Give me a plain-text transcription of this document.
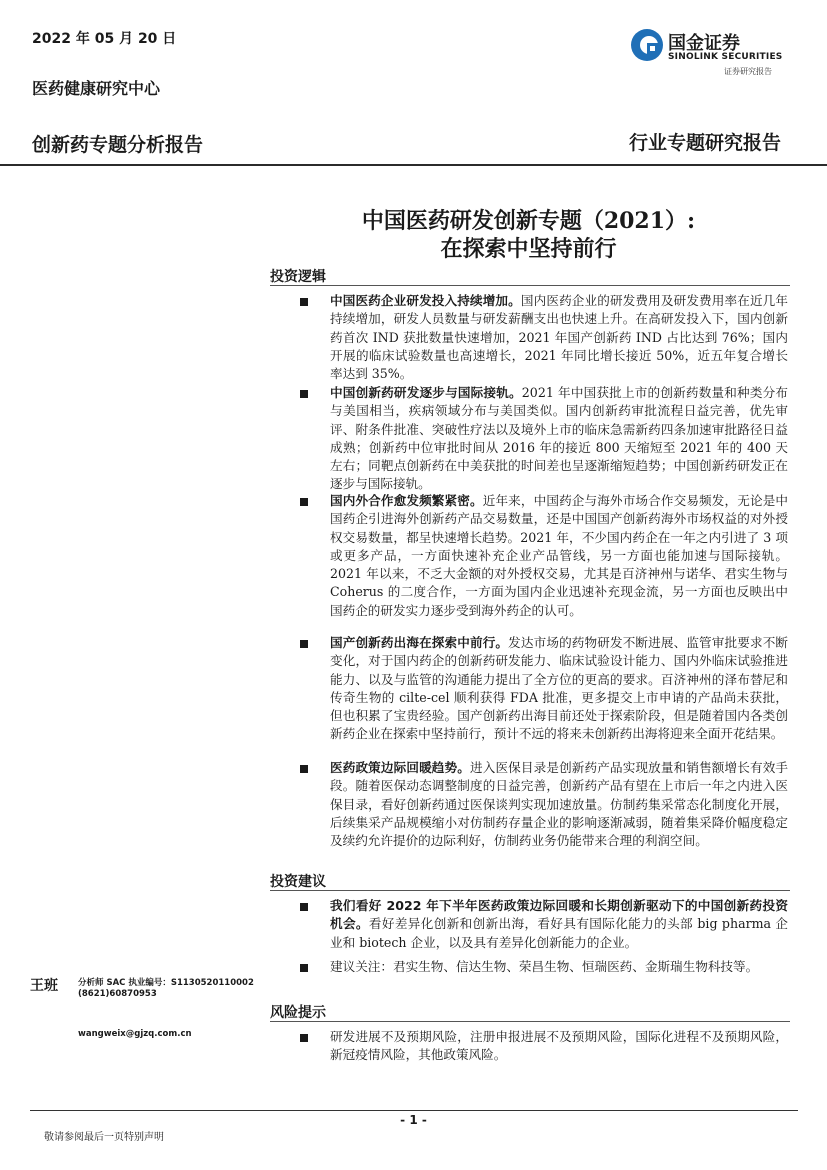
2022 年 05 月 20 日
医药健康研究中心
创新药专题分析报告	行业专题研究报告
国金证券
SINOLINK SECURITIES
证券研究报告
中国医药研发创新专题（2021）:
在探索中坚持前行
投资逻辑
中国医药企业研发投入持续增加。国内医药企业的研发费用及研发费用率在近几年持续增加，研发人员数量与研发薪酬支出也快速上升。在高研发投入下，国内创新药首次 IND 获批数量快速增加，2021 年国产创新药 IND 占比达到 76%；国内开展的临床试验数量也高速增长，2021 年同比增长接近 50%，近五年复合增长率达到 35%。
中国创新药研发逐步与国际接轨。2021 年中国获批上市的创新药数量和种类分布与美国相当，疾病领域分布与美国类似。国内创新药审批流程日益完善，优先审评、附条件批准、突破性疗法以及境外上市的临床急需新药四条加速审批路径日益成熟；创新药中位审批时间从 2016 年的接近 800 天缩短至 2021 年的 400 天左右；同靶点创新药在中美获批的时间差也呈逐渐缩短趋势；中国创新药研发正在逐步与国际接轨。
国内外合作愈发频繁紧密。近年来，中国药企与海外市场合作交易频发，无论是中国药企引进海外创新药产品交易数量，还是中国国产创新药海外市场权益的对外授权交易数量，都呈快速增长趋势。2021 年，不少国内药企在一年之内引进了 3 项或更多产品，一方面快速补充企业产品管线，另一方面也能加速与国际接轨。2021 年以来，不乏大金额的对外授权交易，尤其是百济神州与诺华、君实生物与 Coherus 的二度合作，一方面为国内企业迅速补充现金流，另一方面也反映出中国药企的研发实力逐步受到海外药企的认可。
国产创新药出海在探索中前行。发达市场的药物研发不断进展、监管审批要求不断变化，对于国内药企的创新药研发能力、临床试验设计能力、国内外临床试验推进能力、以及与监管的沟通能力提出了全方位的更高的要求。百济神州的泽布替尼和传奇生物的 cilte-cel 顺利获得 FDA 批准，更多提交上市申请的产品尚未获批，但也积累了宝贵经验。国产创新药出海目前还处于探索阶段，但是随着国内各类创新药企业在探索中坚持前行，预计不远的将来未创新药出海将迎来全面开花结果。
医药政策边际回暖趋势。进入医保目录是创新药产品实现放量和销售额增长有效手段。随着医保动态调整制度的日益完善，创新药产品有望在上市后一年之内进入医保目录，看好创新药通过医保谈判实现加速放量。仿制药集采常态化制度化开展，后续集采产品规模缩小对仿制药存量企业的影响逐渐减弱，随着集采降价幅度稳定及续约允许提价的边际利好，仿制药业务仍能带来合理的利润空间。
投资建议
我们看好 2022 年下半年医药政策边际回暖和长期创新驱动下的中国创新药投资机会。看好差异化创新和创新出海，看好具有国际化能力的头部 big pharma 企业和 biotech 企业，以及具有差异化创新能力的企业。
建议关注：君实生物、信达生物、荣昌生物、恒瑞医药、金斯瑞生物科技等。
风险提示
研发进展不及预期风险，注册申报进展不及预期风险，国际化进程不及预期风险，新冠疫情风险，其他政策风险。
王班 分析师 SAC 执业编号：S1130520110002
(8621)60870953
wangweix@gjzq.com.cn
- 1 -
敬请参阅最后一页特别声明
